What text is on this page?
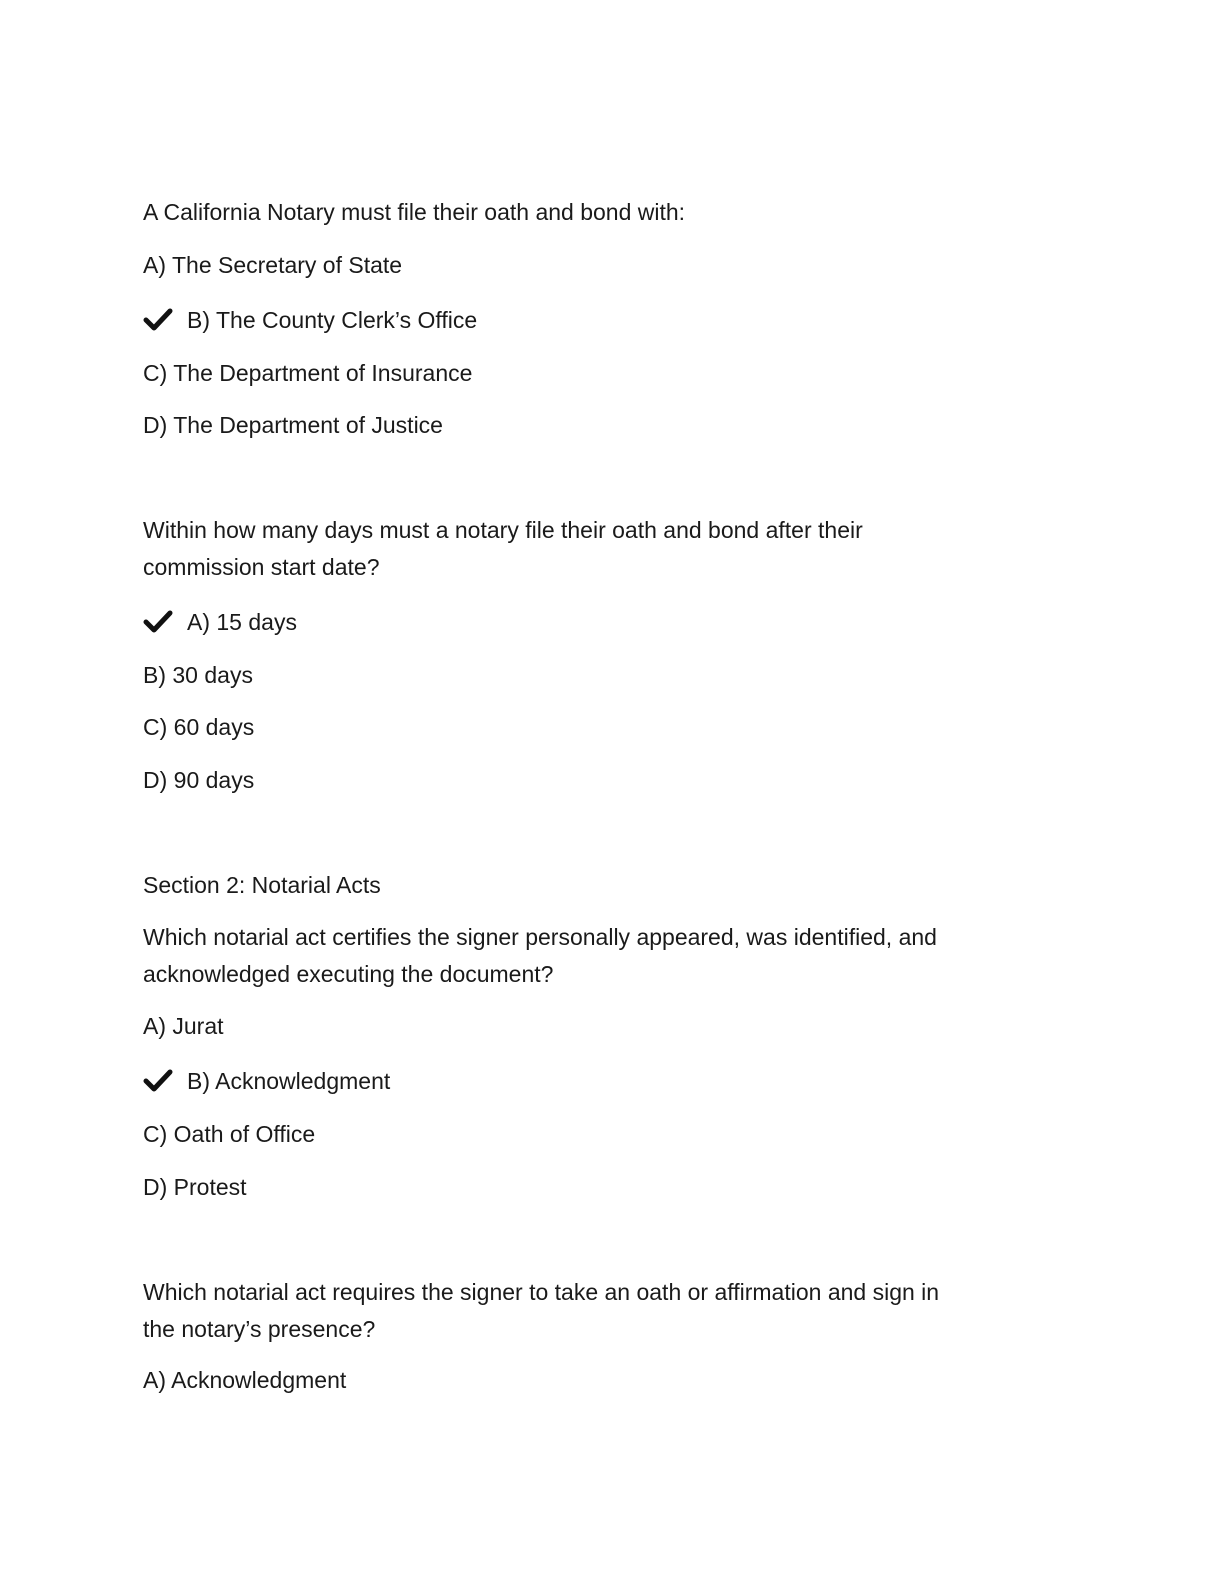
A California Notary must file their oath and bond with:
A) The Secretary of State
B) The County Clerk’s Office
C) The Department of Insurance
D) The Department of Justice
Within how many days must a notary file their oath and bond after their
commission start date?
A) 15 days
B) 30 days
C) 60 days
D) 90 days
Section 2: Notarial Acts
Which notarial act certifies the signer personally appeared, was identified, and
acknowledged executing the document?
A) Jurat
B) Acknowledgment
C) Oath of Office
D) Protest
Which notarial act requires the signer to take an oath or affirmation and sign in
the notary’s presence?
A) Acknowledgment
